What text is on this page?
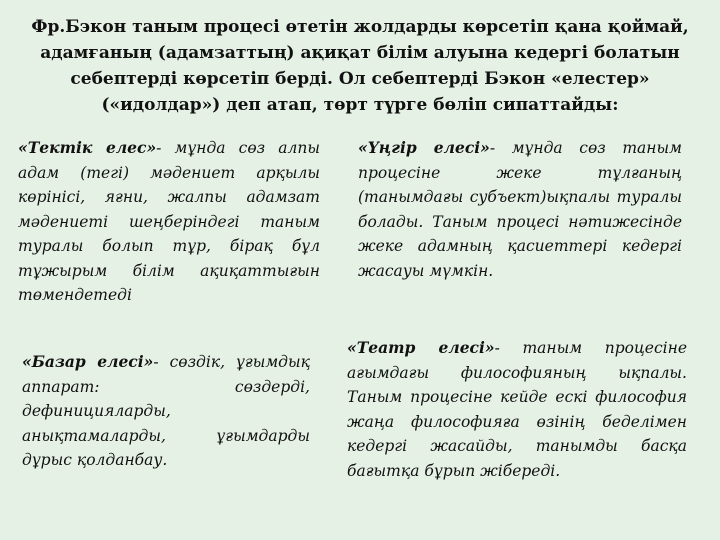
Фр.Бэкон таным процесі өтетін жолдарды көрсетіп қана қоймай, адамғаның (адамзаттың) ақиқат білім алуына кедергі болатын себептерді көрсетіп берді. Ол себептерді Бэкон «елестер» («идолдар») деп атап, төрт түрге бөліп сипаттайды:
«Тектік елес»- мұнда сөз алпы адам (тегі) мәдениет арқылы көрінісі, яғни, жалпы адамзат мәдениеті шеңберіндегі таным туралы болып тұр, бірақ бұл тұжырым білім ақиқаттығын төмендетеді
«Үңгір елесі»- мұнда сөз таным процесіне жеке тұлғаның (танымдағы субъект)ықпалы туралы болады. Таным процесі нәтижесінде жеке адамның қасиеттері кедергі жасауы мүмкін.
«Базар елесі»- сөздік, ұғымдық аппарат: сөздерді, дефиницияларды, анықтамаларды, ұғымдарды дұрыс қолданбау.
«Театр елесі»- таным процесіне ағымдағы философияның ықпалы. Таным процесіне кейде ескі философия жаңа философияға өзінің беделімен кедергі жасайды, танымды басқа бағытқа бұрып жібереді.
